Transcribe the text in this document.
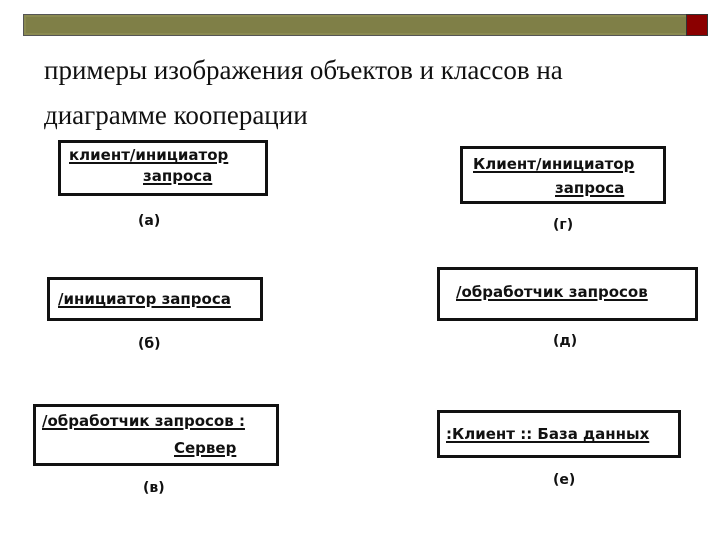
примеры изображения объектов и классов на
диаграмме кооперации
клиент/инициатор
запроса
(а)
Клиент/инициатор
запроса
(г)
/инициатор запроса
(б)
/обработчик запросов
(д)
/обработчик запросов :
Сервер
(в)
:Клиент :: База данных
(е)
